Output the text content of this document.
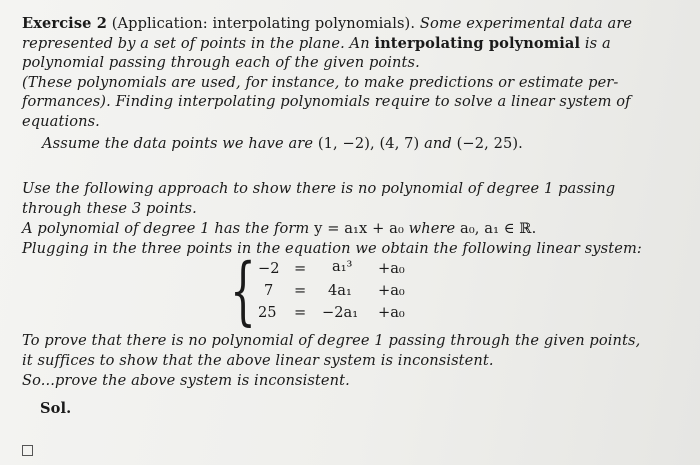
Exercise 2 (Application: interpolating polynomials). Some experimental data are
represented by a set of points in the plane. An interpolating polynomial is a
polynomial passing through each of the given points.
(These polynomials are used, for instance, to make predictions or estimate per-
formances). Finding interpolating polynomials require to solve a linear system of
equations.
Assume the data points we have are (1, −2), (4, 7) and (−2, 25).
Use the following approach to show there is no polynomial of degree 1 passing
through these 3 points.
A polynomial of degree 1 has the form y = a₁x + a₀ where a₀, a₁ ∈ ℝ.
Plugging in the three points in the equation we obtain the following linear system:
{ −2 = a₁³ +a₀
7 = 4a₁ +a₀
25 = −2a₁ +a₀
To prove that there is no polynomial of degree 1 passing through the given points,
it suffices to show that the above linear system is inconsistent.
So...prove the above system is inconsistent.
Sol.
